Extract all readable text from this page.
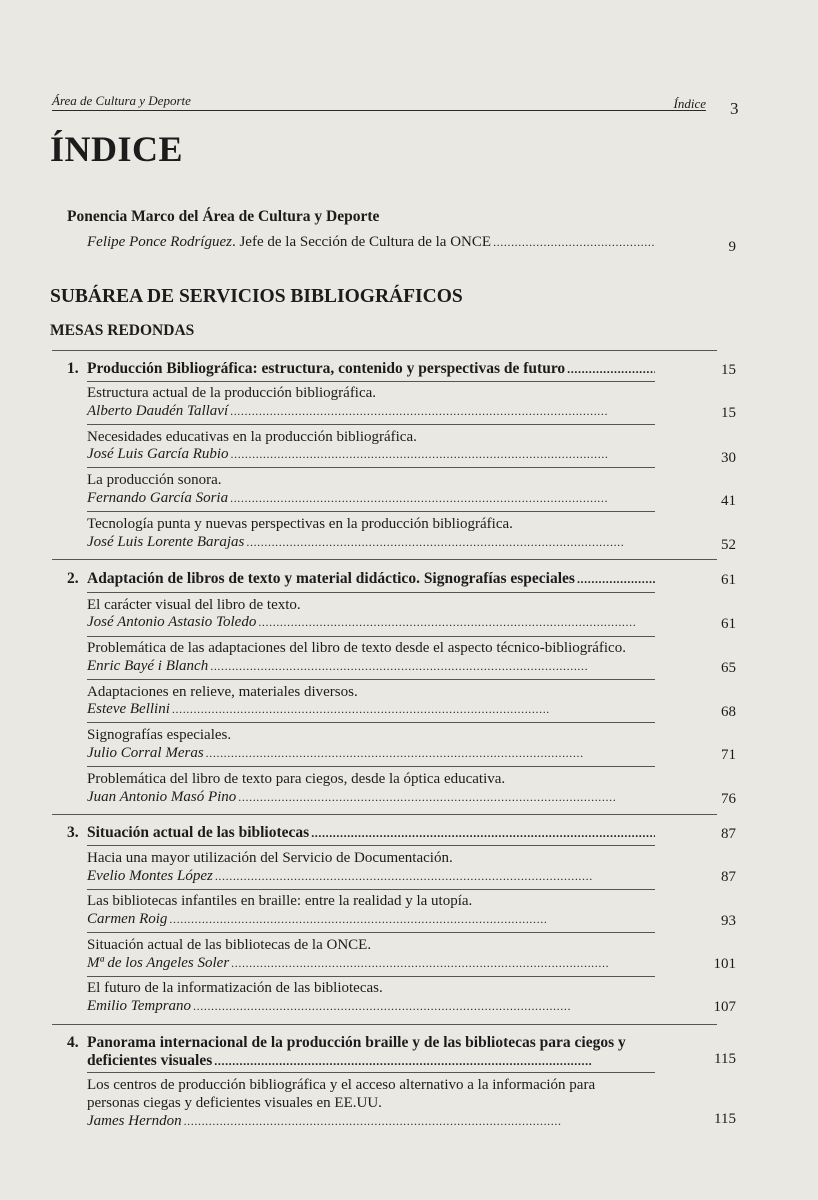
Área de Cultura y Deporte	Índice 3
ÍNDICE
Ponencia Marco del Área de Cultura y Deporte
Felipe Ponce Rodríguez. Jefe de la Sección de Cultura de la ONCE . . .	9
SUBÁREA DE SERVICIOS BIBLIOGRÁFICOS
MESAS REDONDAS
1. Producción Bibliográfica: estructura, contenido y perspectivas de futuro . . .	15
Estructura actual de la producción bibliográfica.
Alberto Daudén Tallaví . . .	15
Necesidades educativas en la producción bibliográfica.
José Luis García Rubio . . .	30
La producción sonora.
Fernando García Soria . . .	41
Tecnología punta y nuevas perspectivas en la producción bibliográfica.
José Luis Lorente Barajas . . .	52
2. Adaptación de libros de texto y material didáctico. Signografías especiales . . .	61
El carácter visual del libro de texto.
José Antonio Astasio Toledo . . .	61
Problemática de las adaptaciones del libro de texto desde el aspecto técnico-bibliográfico.
Enric Bayé i Blanch . . .	65
Adaptaciones en relieve, materiales diversos.
Esteve Bellini . . .	68
Signografías especiales.
Julio Corral Meras . . .	71
Problemática del libro de texto para ciegos, desde la óptica educativa.
Juan Antonio Masó Pino . . .	76
3. Situación actual de las bibliotecas . . .	87
Hacia una mayor utilización del Servicio de Documentación.
Evelio Montes López . . .	87
Las bibliotecas infantiles en braille: entre la realidad y la utopía.
Carmen Roig . . .	93
Situación actual de las bibliotecas de la ONCE.
Mª de los Angeles Soler . . .	101
El futuro de la informatización de las bibliotecas.
Emilio Temprano . . .	107
4. Panorama internacional de la producción braille y de las bibliotecas para ciegos y
deficientes visuales . . .	115
Los centros de producción bibliográfica y el acceso alternativo a la información para
personas ciegas y deficientes visuales en EE.UU.
James Herndon . . .	115
